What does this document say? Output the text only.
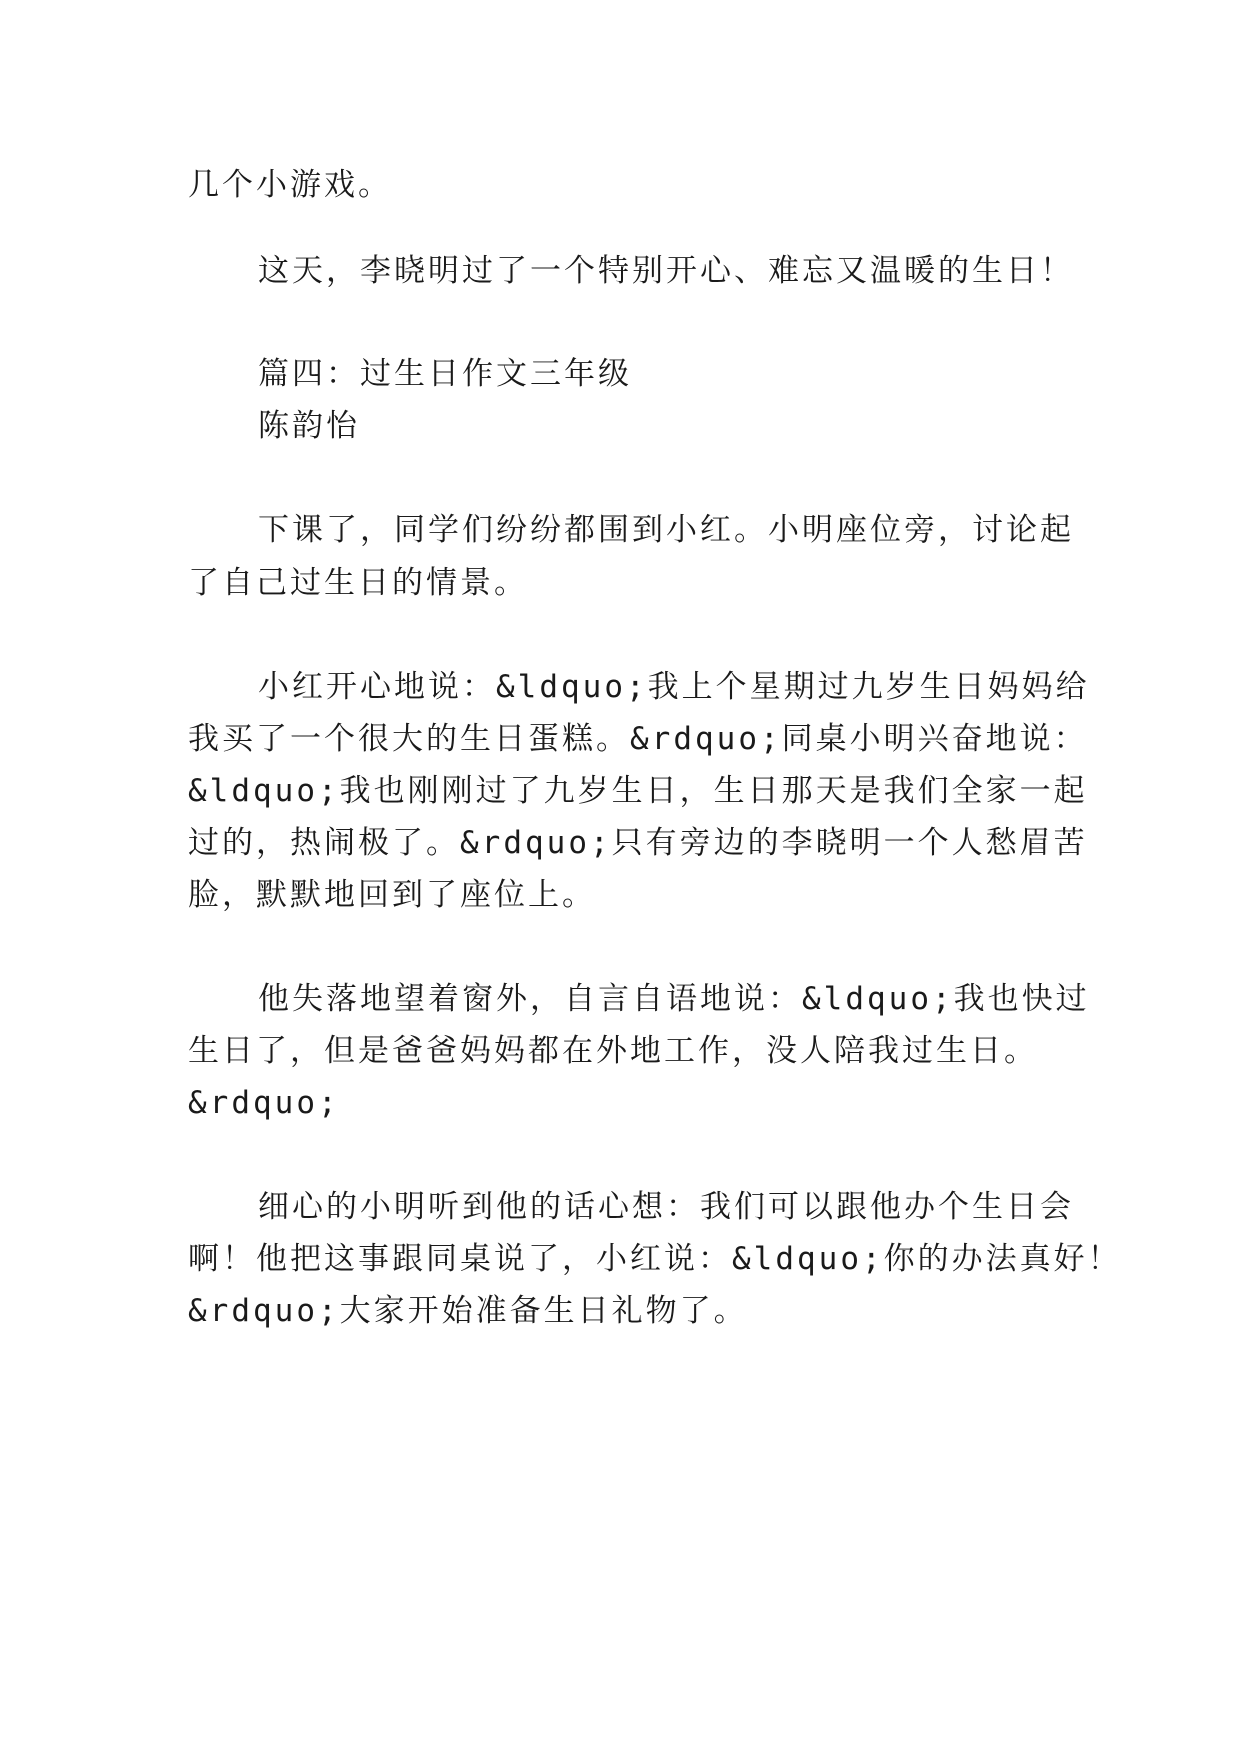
几个小游戏。
这天，李晓明过了一个特别开心、难忘又温暖的生日！
篇四：过生日作文三年级
陈韵怡
下课了，同学们纷纷都围到小红。小明座位旁，讨论起
了自己过生日的情景。
小红开心地说：&ldquo;我上个星期过九岁生日妈妈给
我买了一个很大的生日蛋糕。&rdquo;同桌小明兴奋地说：
&ldquo;我也刚刚过了九岁生日，生日那天是我们全家一起
过的，热闹极了。&rdquo;只有旁边的李晓明一个人愁眉苦
脸，默默地回到了座位上。
他失落地望着窗外，自言自语地说：&ldquo;我也快过
生日了，但是爸爸妈妈都在外地工作，没人陪我过生日。
&rdquo;
细心的小明听到他的话心想：我们可以跟他办个生日会
啊！他把这事跟同桌说了，小红说：&ldquo;你的办法真好！
&rdquo;大家开始准备生日礼物了。
